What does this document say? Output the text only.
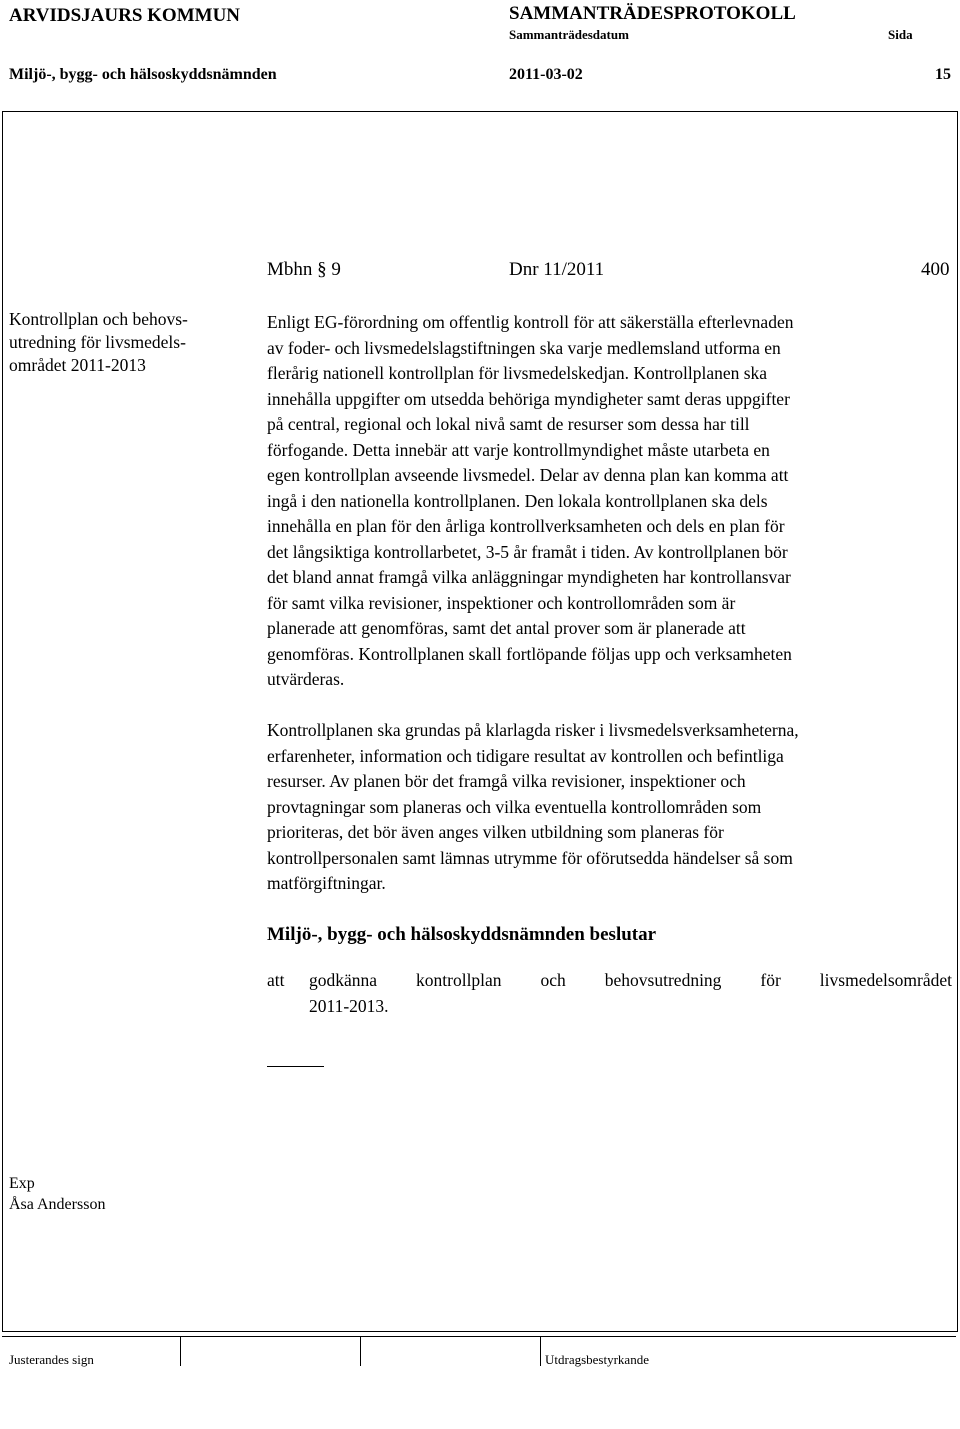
ARVIDSJAURS KOMMUN	SAMMANTRÄDESPROTOKOLL
Sammanträdesdatum	Sida
Miljö-, bygg- och hälsoskyddsnämnden	2011-03-02	15
Mbhn § 9	Dnr 11/2011	400
Kontrollplan och behovs-
utredning för livsmedels-
området 2011-2013
Enligt EG-förordning om offentlig kontroll för att säkerställa efterlevnaden
av foder- och livsmedelslagstiftningen ska varje medlemsland utforma en
flerårig nationell kontrollplan för livsmedelskedjan. Kontrollplanen ska
innehålla uppgifter om utsedda behöriga myndigheter samt deras uppgifter
på central, regional och lokal nivå samt de resurser som dessa har till
förfogande. Detta innebär att varje kontrollmyndighet måste utarbeta en
egen kontrollplan avseende livsmedel. Delar av denna plan kan komma att
ingå i den nationella kontrollplanen. Den lokala kontrollplanen ska dels
innehålla en plan för den årliga kontrollverksamheten och dels en plan för
det långsiktiga kontrollarbetet, 3-5 år framåt i tiden. Av kontrollplanen bör
det bland annat framgå vilka anläggningar myndigheten har kontrollansvar
för samt vilka revisioner, inspektioner och kontrollområden som är
planerade att genomföras, samt det antal prover som är planerade att
genomföras. Kontrollplanen skall fortlöpande följas upp och verksamheten
utvärderas.
Kontrollplanen ska grundas på klarlagda risker i livsmedelsverksamheterna,
erfarenheter, information och tidigare resultat av kontrollen och befintliga
resurser. Av planen bör det framgå vilka revisioner, inspektioner och
provtagningar som planeras och vilka eventuella kontrollområden som
prioriteras, det bör även anges vilken utbildning som planeras för
kontrollpersonalen samt lämnas utrymme för oförutsedda händelser så som
matförgiftningar.
Miljö-, bygg- och hälsoskyddsnämnden beslutar
att godkänna kontrollplan och behovsutredning för livsmedelsområdet
2011-2013.
Exp
Åsa Andersson
Justerandes sign	Utdragsbestyrkande
